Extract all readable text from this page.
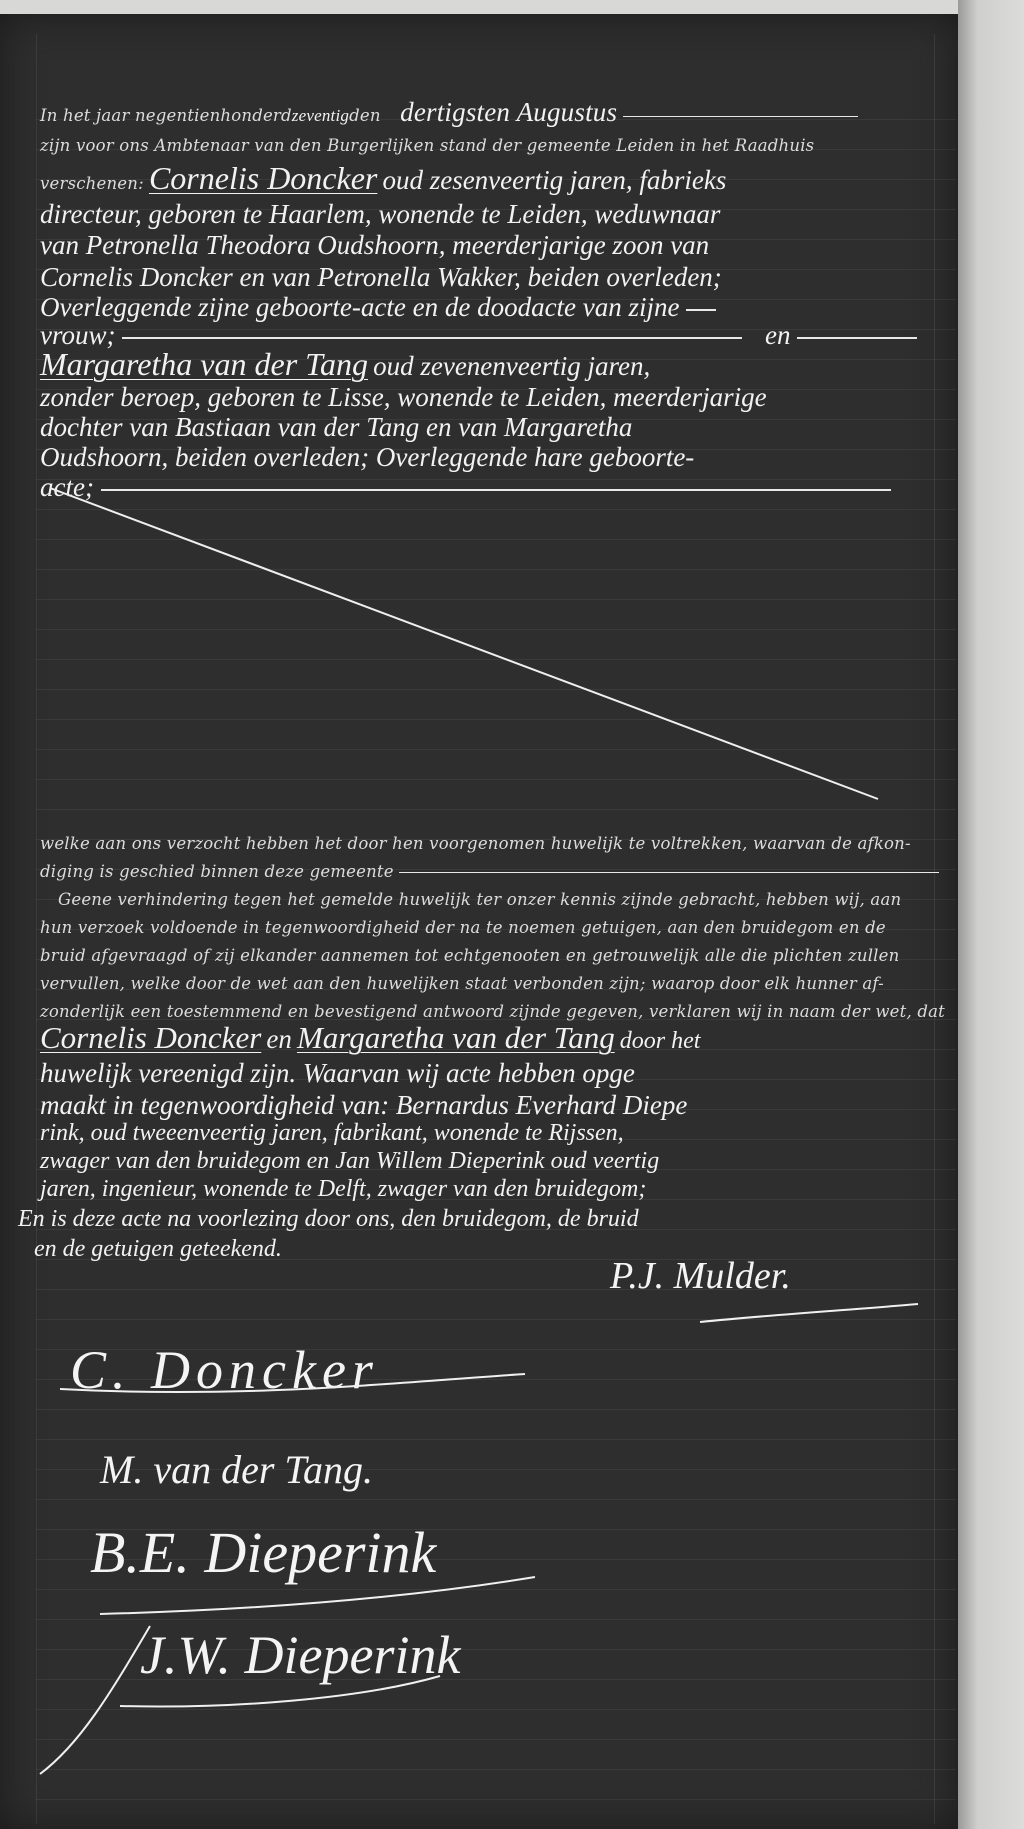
In het jaar negentienhonderdzeventigden dertigsten Augustus
zijn voor ons Ambtenaar van den Burgerlijken stand der gemeente Leiden in het Raadhuis
verschenen: Cornelis Doncker oud zesenveertig jaren, fabrieks
directeur, geboren te Haarlem, wonende te Leiden, weduwnaar
van Petronella Theodora Oudshoorn, meerderjarige zoon van
Cornelis Doncker en van Petronella Wakker, beiden overleden;
Overleggende zijne geboorte-acte en de doodacte van zijne
vrouw;	en
Margaretha van der Tang oud zevenenveertig jaren,
zonder beroep, geboren te Lisse, wonende te Leiden, meerderjarige
dochter van Bastiaan van der Tang en van Margaretha
Oudshoorn, beiden overleden; Overleggende hare geboorte-
acte;
welke aan ons verzocht hebben het door hen voorgenomen huwelijk te voltrekken, waarvan de afkon-
diging is geschied binnen deze gemeente
Geene verhindering tegen het gemelde huwelijk ter onzer kennis zijnde gebracht, hebben wij, aan
hun verzoek voldoende in tegenwoordigheid der na te noemen getuigen, aan den bruidegom en de
bruid afgevraagd of zij elkander aannemen tot echtgenooten en getrouwelijk alle die plichten zullen
vervullen, welke door de wet aan den huwelijken staat verbonden zijn; waarop door elk hunner af-
zonderlijk een toestemmend en bevestigend antwoord zijnde gegeven, verklaren wij in naam der wet, dat
Cornelis Doncker en Margaretha van der Tang door het
huwelijk vereenigd zijn. Waarvan wij acte hebben opge
maakt in tegenwoordigheid van: Bernardus Everhard Diepe
rink, oud tweeenveertig jaren, fabrikant, wonende te Rijssen,
zwager van den bruidegom en Jan Willem Dieperink oud veertig
jaren, ingenieur, wonende te Delft, zwager van den bruidegom;
En is deze acte na voorlezing door ons, den bruidegom, de bruid
en de getuigen geteekend.
P.J. Mulder.
C. Doncker
M. van der Tang.
B.E. Dieperink
J.W. Dieperink
